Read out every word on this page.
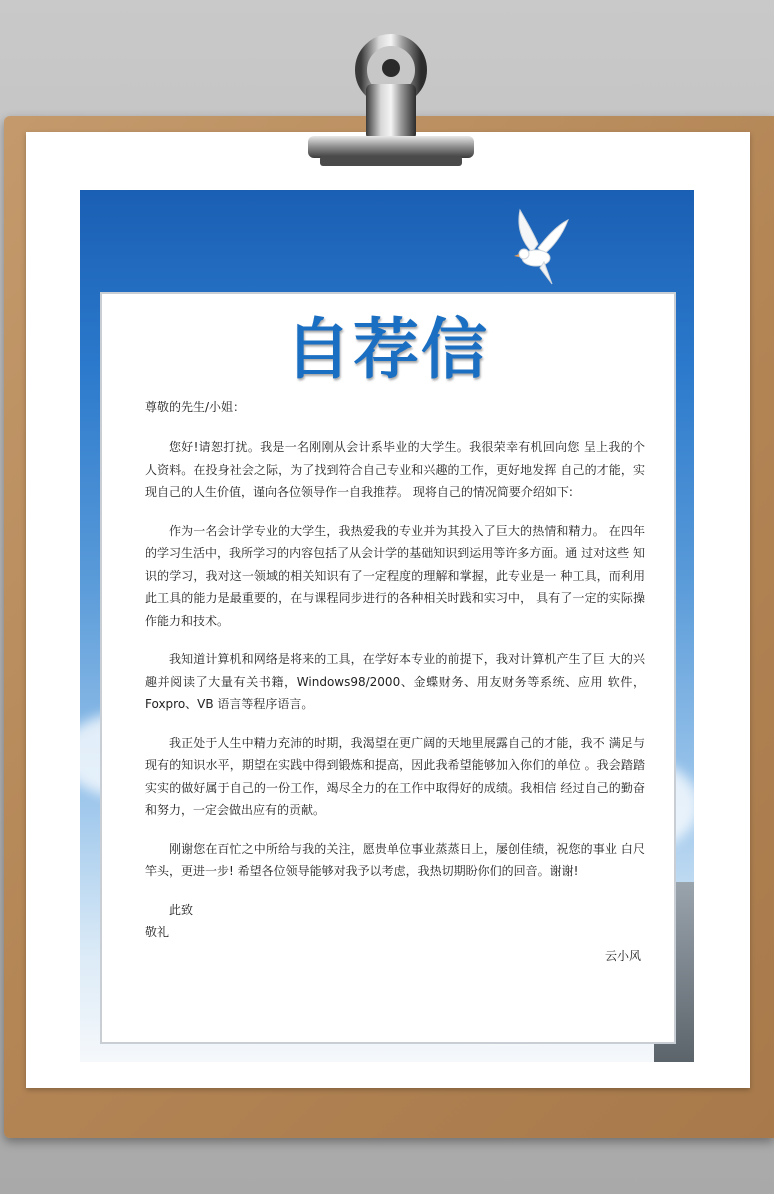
自荐信

尊敬的先生/小姐：

您好!请恕打扰。我是一名刚刚从会计系毕业的大学生。我很荣幸有机回向您 呈上我的个人资料。在投身社会之际，为了找到符合自己专业和兴趣的工作，更好地发挥 自己的才能，实现自己的人生价值，谨向各位领导作一自我推荐。 现将自己的情况简要介绍如下:

作为一名会计学专业的大学生，我热爱我的专业并为其投入了巨大的热情和精力。 在四年的学习生活中，我所学习的内容包括了从会计学的基础知识到运用等许多方面。通 过对这些 知识的学习，我对这一领域的相关知识有了一定程度的理解和掌握，此专业是一 种工具，而利用此工具的能力是最重要的，在与课程同步进行的各种相关时践和实习中， 具有了一定的实际操作能力和技术。

我知道计算机和网络是将来的工具，在学好本专业的前提下，我对计算机产生了巨 大的兴趣并阅读了大量有关书籍，Windows98/2000、金蝶财务、用友财务等系统、应用 软件，Foxpro、VB 语言等程序语言。

我正处于人生中精力充沛的时期，我渴望在更广阔的天地里展露自己的才能，我不 满足与现有的知识水平，期望在实践中得到锻炼和提高，因此我希望能够加入你们的单位 。我会踏踏实实的做好属于自己的一份工作，竭尽全力的在工作中取得好的成绩。我相信 经过自己的勤奋和努力，一定会做出应有的贡献。

刚谢您在百忙之中所给与我的关注，愿贵单位事业蒸蒸日上，屡创佳绩，祝您的事业 白尺竿头，更进一步! 希望各位领导能够对我予以考虑，我热切期盼你们的回音。谢谢!

此致

敬礼

云小风
